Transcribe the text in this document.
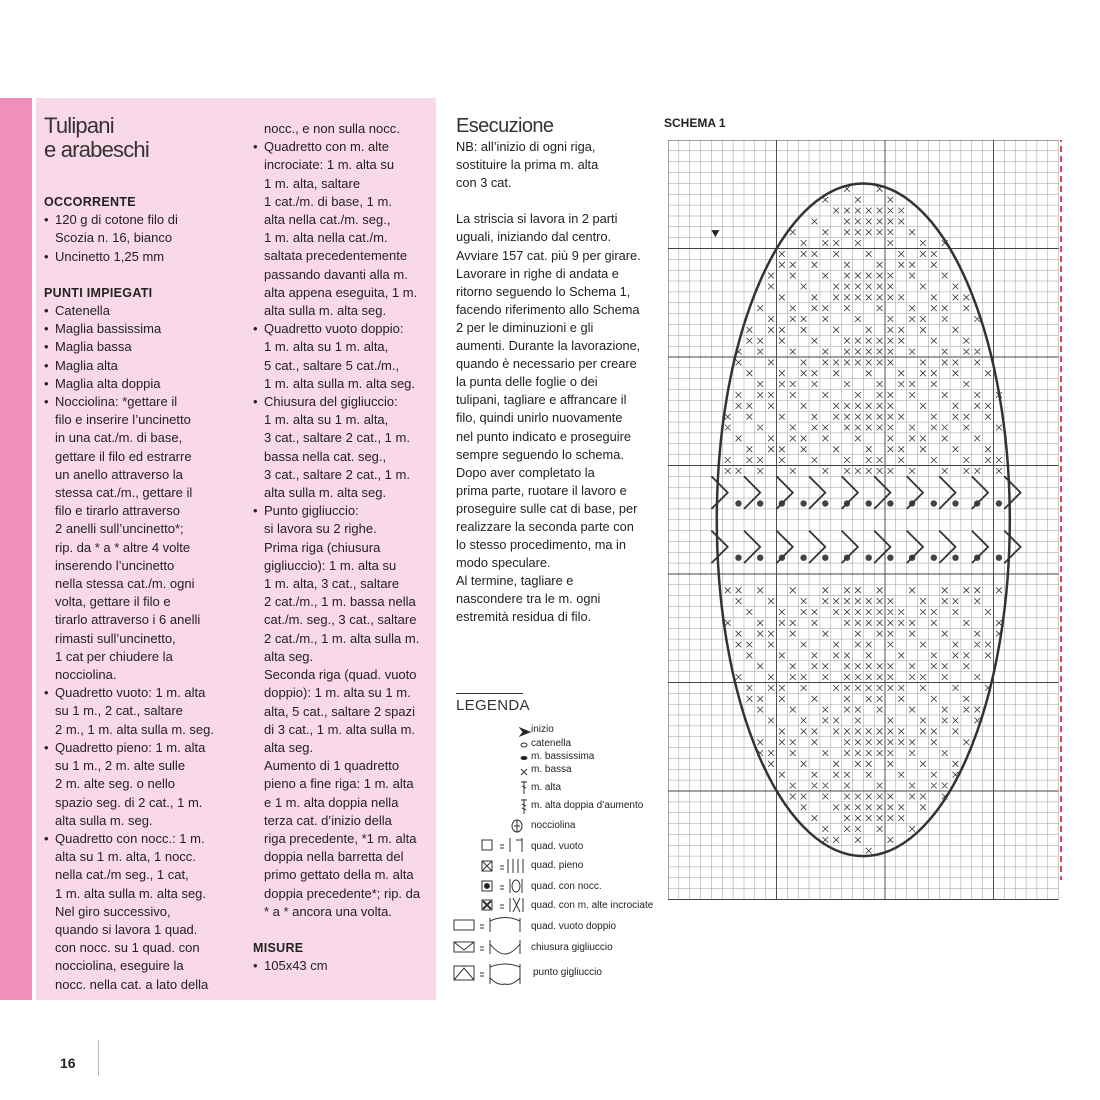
Tulipani
e arabeschi

OCCORRENTE

• 120 g di cotone filo di

Scozia n. 16, bianco

• Uncinetto 1,25 mm

PUNTI IMPIEGATI

• Catenella

• Maglia bassissima

• Maglia bassa

• Maglia alta

• Maglia alta doppia

• Nocciolina: *gettare il

filo e inserire l’uncinetto

in una cat./m. di base,

gettare il filo ed estrarre

un anello attraverso la

stessa cat./m., gettare il

filo e tirarlo attraverso

2 anelli sull’uncinetto*;

rip. da * a * altre 4 volte

inserendo l’uncinetto

nella stessa cat./m. ogni

volta, gettare il filo e

tirarlo attraverso i 6 anelli

rimasti sull’uncinetto,

1 cat per chiudere la

nocciolina.

• Quadretto vuoto: 1 m. alta

su 1 m., 2 cat., saltare

2 m., 1 m. alta sulla m. seg.

• Quadretto pieno: 1 m. alta

su 1 m., 2 m. alte sulle

2 m. alte seg. o nello

spazio seg. di 2 cat., 1 m.

alta sulla m. seg.

• Quadretto con nocc.: 1 m.

alta su 1 m. alta, 1 nocc.

nella cat./m seg., 1 cat,

1 m. alta sulla m. alta seg.

Nel giro successivo,

quando si lavora 1 quad.

con nocc. su 1 quad. con

nocciolina, eseguire la

nocc. nella cat. a lato della

nocc., e non sulla nocc.

• Quadretto con m. alte

incrociate: 1 m. alta su

1 m. alta, saltare

1 cat./m. di base, 1 m.

alta nella cat./m. seg.,

1 m. alta nella cat./m.

saltata precedentemente

passando davanti alla m.

alta appena eseguita, 1 m.

alta sulla m. alta seg.

• Quadretto vuoto doppio:

1 m. alta su 1 m. alta,

5 cat., saltare 5 cat./m.,

1 m. alta sulla m. alta seg.

• Chiusura del gigliuccio:

1 m. alta su 1 m. alta,

3 cat., saltare 2 cat., 1 m.

bassa nella cat. seg.,

3 cat., saltare 2 cat., 1 m.

alta sulla m. alta seg.

• Punto gigliuccio:

si lavora su 2 righe.

Prima riga (chiusura

gigliuccio): 1 m. alta su

1 m. alta, 3 cat., saltare

2 cat./m., 1 m. bassa nella

cat./m. seg., 3 cat., saltare

2 cat./m., 1 m. alta sulla m.

alta seg.

Seconda riga (quad. vuoto

doppio): 1 m. alta su 1 m.

alta, 5 cat., saltare 2 spazi

di 3 cat., 1 m. alta sulla m.

alta seg.

Aumento di 1 quadretto

pieno a fine riga: 1 m. alta

e 1 m. alta doppia nella

terza cat. d’inizio della

riga precedente, *1 m. alta

doppia nella barretta del

primo gettato della m. alta

doppia precedente*; rip. da

* a * ancora una volta.

MISURE

• 105x43 cm

Esecuzione

NB: all’inizio di ogni riga,

sostituire la prima m. alta

con 3 cat.

La striscia si lavora in 2 parti

uguali, iniziando dal centro.

Avviare 157 cat. più 9 per girare.

Lavorare in righe di andata e

ritorno seguendo lo Schema 1,

facendo riferimento allo Schema

2 per le diminuzioni e gli

aumenti. Durante la lavorazione,

quando è necessario per creare

la punta delle foglie o dei

tulipani, tagliare e affrancare il

filo, quindi unirlo nuovamente

nel punto indicato e proseguire

sempre seguendo lo schema.

Dopo aver completato la

prima parte, ruotare il lavoro e

proseguire sulle cat di base, per

realizzare la seconda parte con

lo stesso procedimento, ma in

modo speculare.

Al termine, tagliare e

nascondere tra le m. ogni

estremità residua di filo.

LEGENDA
inizio
catenella
m. bassissima
m. bassa
m. alta
m. alta doppia d’aumento
nocciolina
quad. vuoto
quad. pieno
quad. con nocc.
quad. con m. alte incrociate
quad. vuoto doppio
chiusura gigliuccio
punto gigliuccio
SCHEMA 1
16
